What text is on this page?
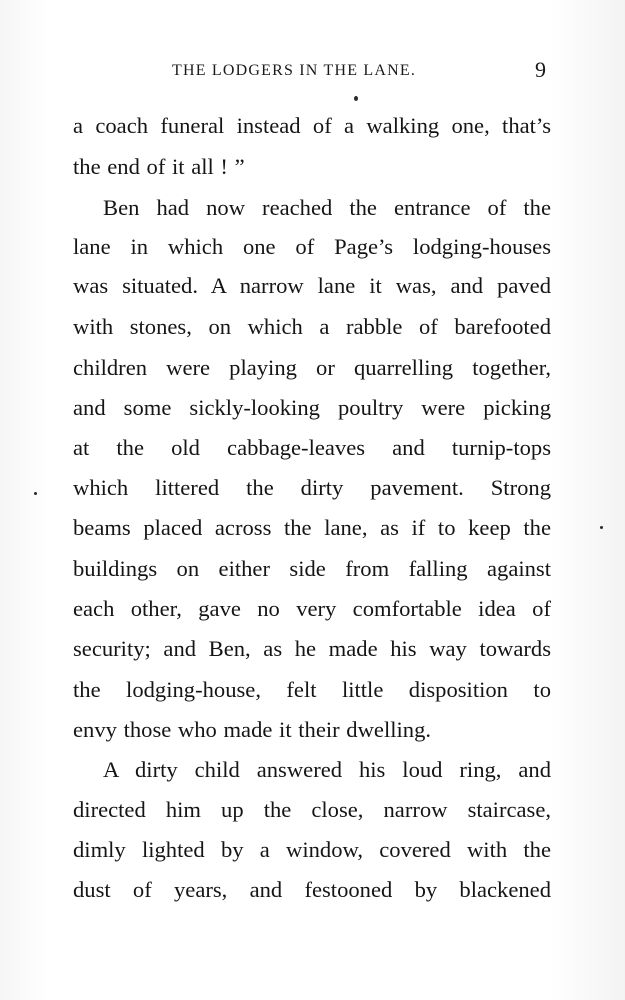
THE LODGERS IN THE LANE.	9
a coach funeral instead of a walking one, that’s
the end of it all ! ”
Ben had now reached the entrance of the
lane in which one of Page’s lodging-houses
was situated. A narrow lane it was, and paved
with stones, on which a rabble of barefooted
children were playing or quarrelling together,
and some sickly-looking poultry were picking
at the old cabbage-leaves and turnip-tops
which littered the dirty pavement. Strong
beams placed across the lane, as if to keep the
buildings on either side from falling against
each other, gave no very comfortable idea of
security; and Ben, as he made his way towards
the lodging-house, felt little disposition to
envy those who made it their dwelling.
A dirty child answered his loud ring, and
directed him up the close, narrow staircase,
dimly lighted by a window, covered with the
dust of years, and festooned by blackened
